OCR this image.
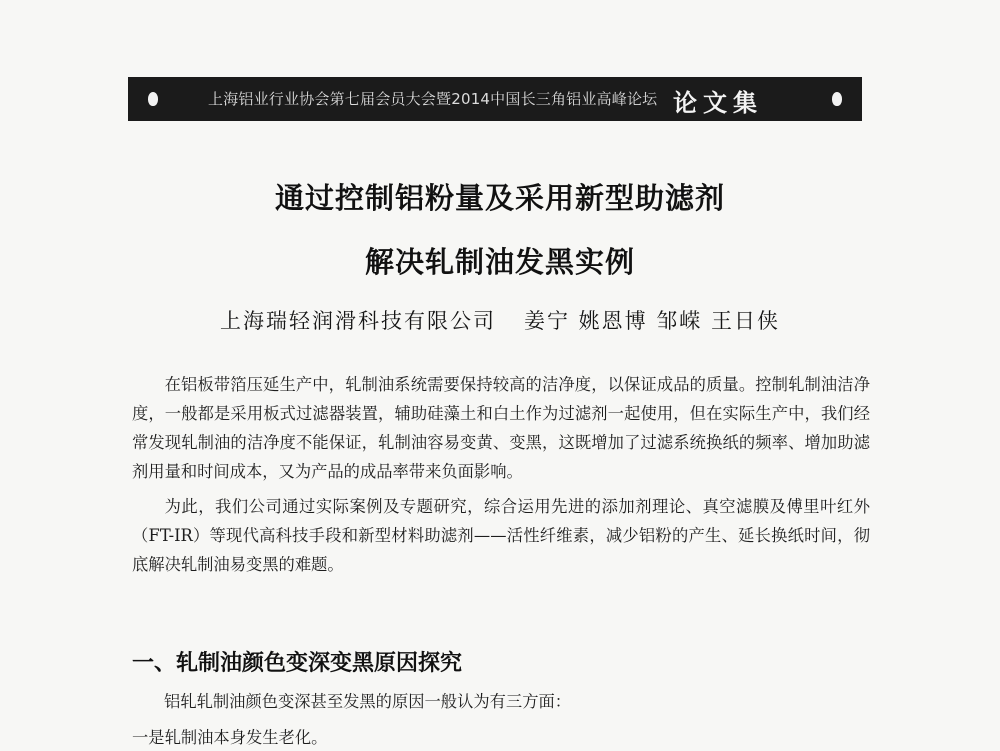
上海铝业行业协会第七届会员大会暨2014中国长三角铝业高峰论坛 论文集
通过控制铝粉量及采用新型助滤剂
解决轧制油发黑实例
上海瑞轻润滑科技有限公司 姜宁 姚恩博 邹嵘 王日侠

在铝板带箔压延生产中，轧制油系统需要保持较高的洁净度，以保证成品的质量。控制轧制油洁净度，一般都是采用板式过滤器装置，辅助硅藻土和白土作为过滤剂一起使用，但在实际生产中，我们经常发现轧制油的洁净度不能保证，轧制油容易变黄、变黑，这既增加了过滤系统换纸的频率、增加助滤剂用量和时间成本，又为产品的成品率带来负面影响。

为此，我们公司通过实际案例及专题研究，综合运用先进的添加剂理论、真空滤膜及傅里叶红外（FT-IR）等现代高科技手段和新型材料助滤剂——活性纤维素，减少铝粉的产生、延长换纸时间，彻底解决轧制油易变黑的难题。

一、轧制油颜色变深变黑原因探究
铝轧轧制油颜色变深甚至发黑的原因一般认为有三方面：
一是轧制油本身发生老化。
